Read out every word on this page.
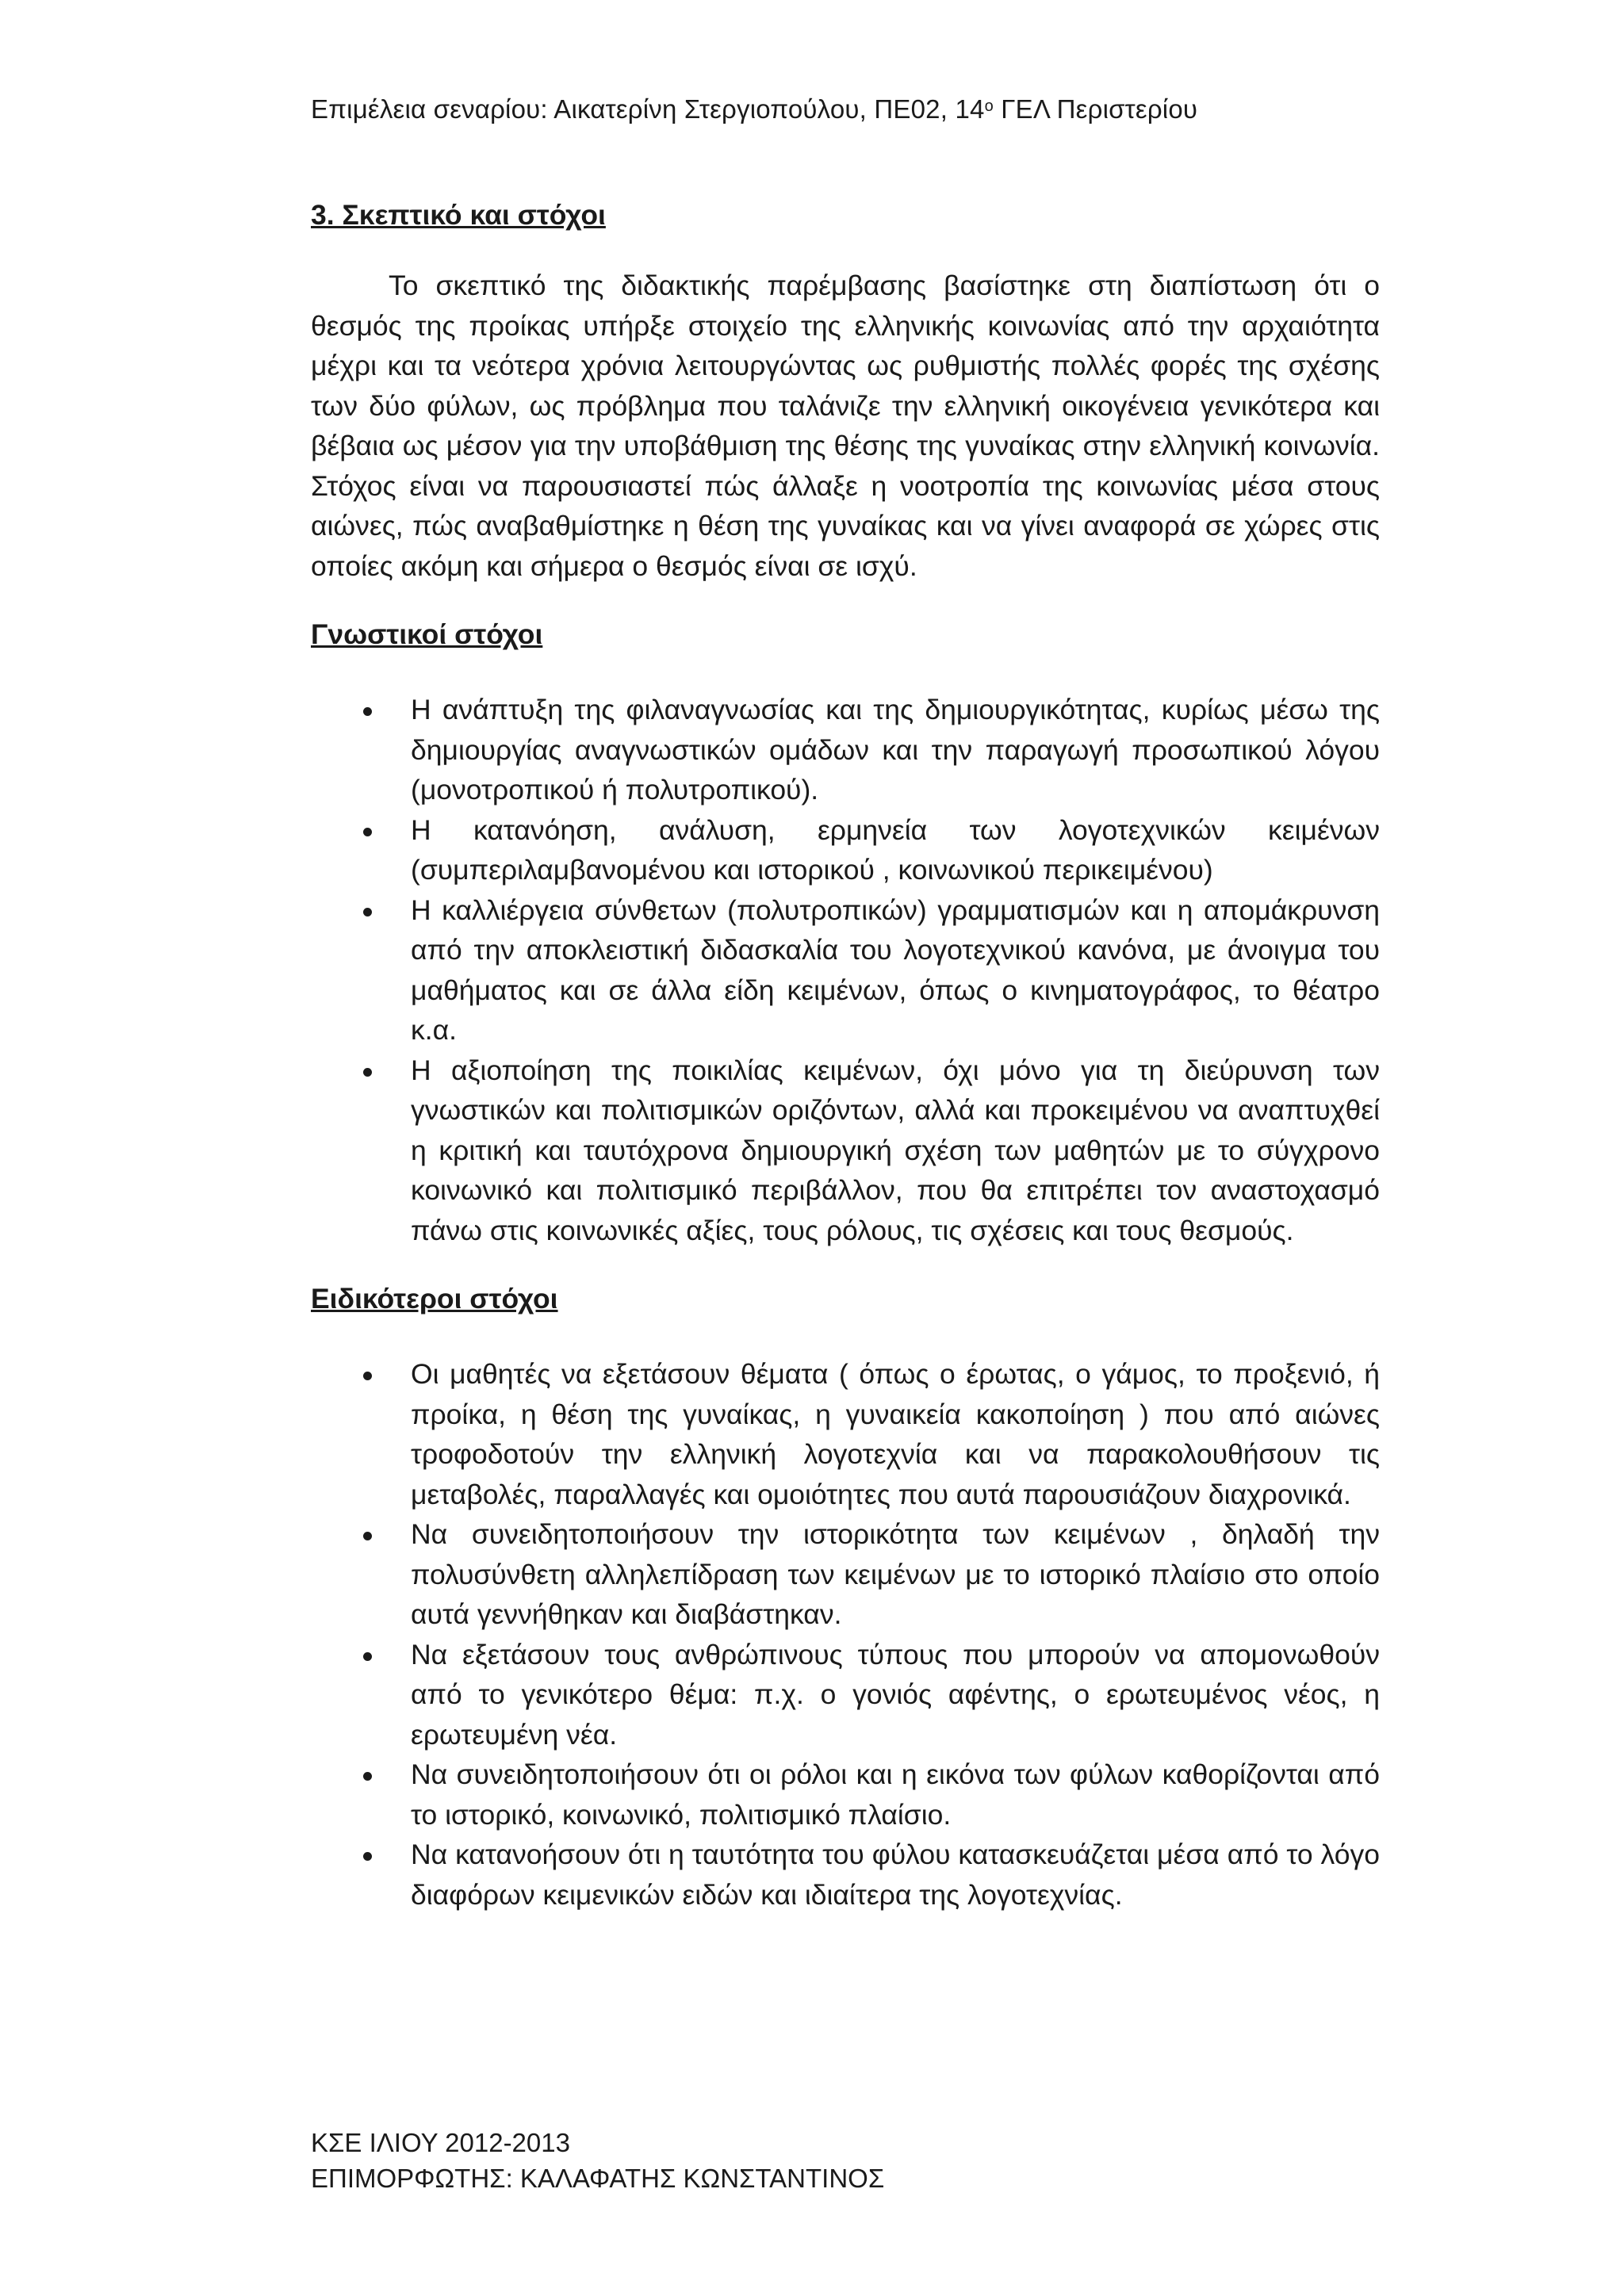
Επιμέλεια σεναρίου: Αικατερίνη Στεργιοπούλου, ΠΕ02, $14^o$ ΓΕΛ Περιστερίου
3. Σκεπτικό και στόχοι

Το σκεπτικό της διδακτικής παρέμβασης βασίστηκε στη διαπίστωση ότι ο θεσμός της προίκας υπήρξε στοιχείο της ελληνικής κοινωνίας από την αρχαιότητα μέχρι και τα νεότερα χρόνια λειτουργώντας ως ρυθμιστής πολλές φορές της σχέσης των δύο φύλων, ως πρόβλημα που ταλάνιζε την ελληνική οικογένεια γενικότερα και βέβαια ως μέσον για την υποβάθμιση της θέσης της γυναίκας στην ελληνική κοινωνία. Στόχος είναι να παρουσιαστεί πώς άλλαξε η νοοτροπία της κοινωνίας μέσα στους αιώνες, πώς αναβαθμίστηκε η θέση της γυναίκας και να γίνει αναφορά σε χώρες στις οποίες ακόμη και σήμερα ο θεσμός είναι σε ισχύ.

Γνωστικοί στόχοι
Η ανάπτυξη της φιλαναγνωσίας και της δημιουργικότητας, κυρίως μέσω της δημιουργίας αναγνωστικών ομάδων και την παραγωγή προσωπικού λόγου (μονοτροπικού ή πολυτροπικού).
Η κατανόηση, ανάλυση, ερμηνεία των λογοτεχνικών κειμένων (συμπεριλαμβανομένου και ιστορικού , κοινωνικού περικειμένου)
Η καλλιέργεια σύνθετων (πολυτροπικών) γραμματισμών και η απομάκρυνση από την αποκλειστική διδασκαλία του λογοτεχνικού κανόνα, με άνοιγμα του μαθήματος και σε άλλα είδη κειμένων, όπως ο κινηματογράφος, το θέατρο κ.α.
Η αξιοποίηση της ποικιλίας κειμένων, όχι μόνο για τη διεύρυνση των γνωστικών και πολιτισμικών οριζόντων, αλλά και προκειμένου να αναπτυχθεί η κριτική και ταυτόχρονα δημιουργική σχέση των μαθητών με το σύγχρονο κοινωνικό και πολιτισμικό περιβάλλον, που θα επιτρέπει τον αναστοχασμό πάνω στις κοινωνικές αξίες, τους ρόλους, τις σχέσεις και τους θεσμούς.
Ειδικότεροι στόχοι
Οι μαθητές να εξετάσουν θέματα ( όπως ο έρωτας, ο γάμος, το προξενιό, ή προίκα, η θέση της γυναίκας, η γυναικεία κακοποίηση ) που από αιώνες τροφοδοτούν την ελληνική λογοτεχνία και να παρακολουθήσουν τις μεταβολές, παραλλαγές και ομοιότητες που αυτά παρουσιάζουν διαχρονικά.
Να συνειδητοποιήσουν την ιστορικότητα των κειμένων , δηλαδή την πολυσύνθετη αλληλεπίδραση των κειμένων με το ιστορικό πλαίσιο στο οποίο αυτά γεννήθηκαν και διαβάστηκαν.
Να εξετάσουν τους ανθρώπινους τύπους που μπορούν να απομονωθούν από το γενικότερο θέμα: π.χ. ο γονιός αφέντης, ο ερωτευμένος νέος, η ερωτευμένη νέα.
Να συνειδητοποιήσουν ότι οι ρόλοι και η εικόνα των φύλων καθορίζονται από το ιστορικό, κοινωνικό, πολιτισμικό πλαίσιο.
Να κατανοήσουν ότι η ταυτότητα του φύλου κατασκευάζεται μέσα από το λόγο διαφόρων κειμενικών ειδών και ιδιαίτερα της λογοτεχνίας.
ΚΣΕ ΙΛΙΟΥ 2012-2013
ΕΠΙΜΟΡΦΩΤΗΣ: ΚΑΛΑΦΑΤΗΣ ΚΩΝΣΤΑΝΤΙΝΟΣ
